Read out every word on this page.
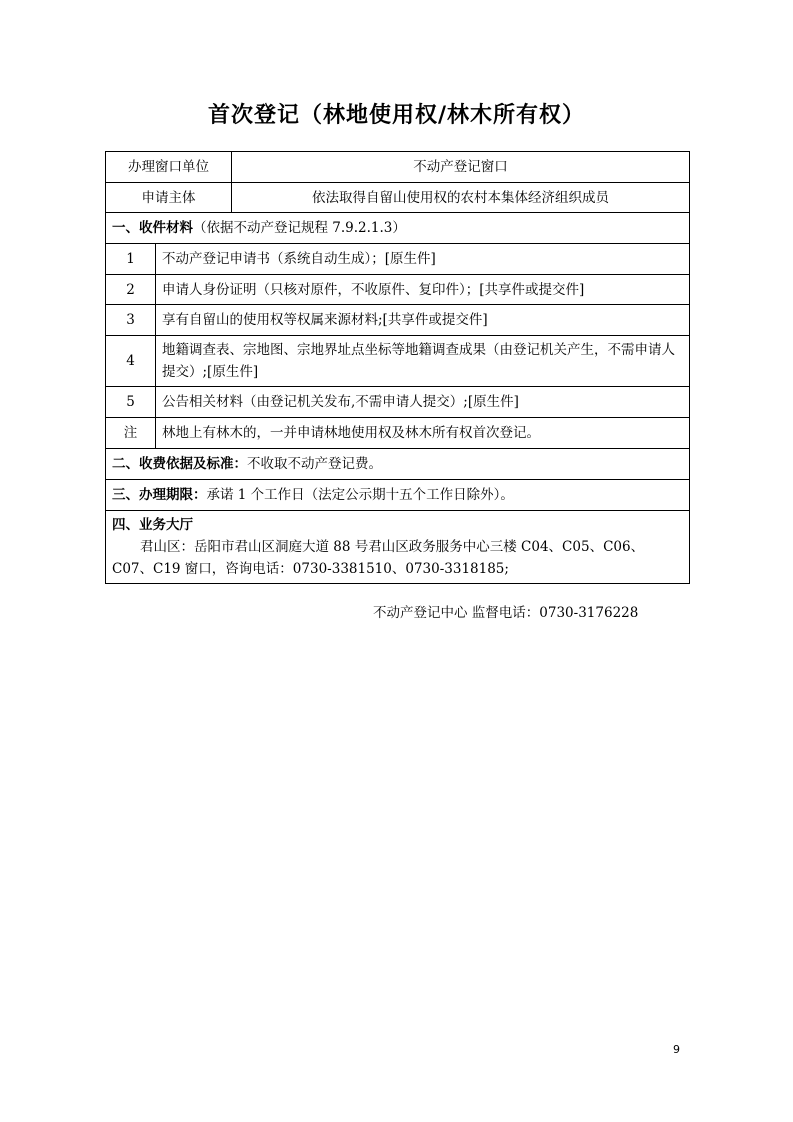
首次登记（林地使用权/林木所有权）
办理窗口单位		不动产登记窗口
申请主体		依法取得自留山使用权的农村本集体经济组织成员
一、收件材料（依据不动产登记规程 7.9.2.1.3）		
1	不动产登记申请书（系统自动生成）；[原生件]	
2	申请人身份证明（只核对原件，不收原件、复印件）；[共享件或提交件]	
3	享有自留山的使用权等权属来源材料;[共享件或提交件]	
4	地籍调查表、宗地图、宗地界址点坐标等地籍调查成果（由登记机关产生，不需申请人提交）;[原生件]	
5	公告相关材料（由登记机关发布,不需申请人提交）;[原生件]	
注	林地上有林木的，一并申请林地使用权及林木所有权首次登记。	
二、收费依据及标准：不收取不动产登记费。		
三、办理期限：承诺 1 个工作日（法定公示期十五个工作日除外）。		

四、业务大厅
君山区：岳阳市君山区洞庭大道 88 号君山区政务服务中心三楼 C04、C05、C06、C07、C19 窗口，咨询电话：0730-3381510、0730-3318185;		
不动产登记中心 监督电话：0730-3176228
9
